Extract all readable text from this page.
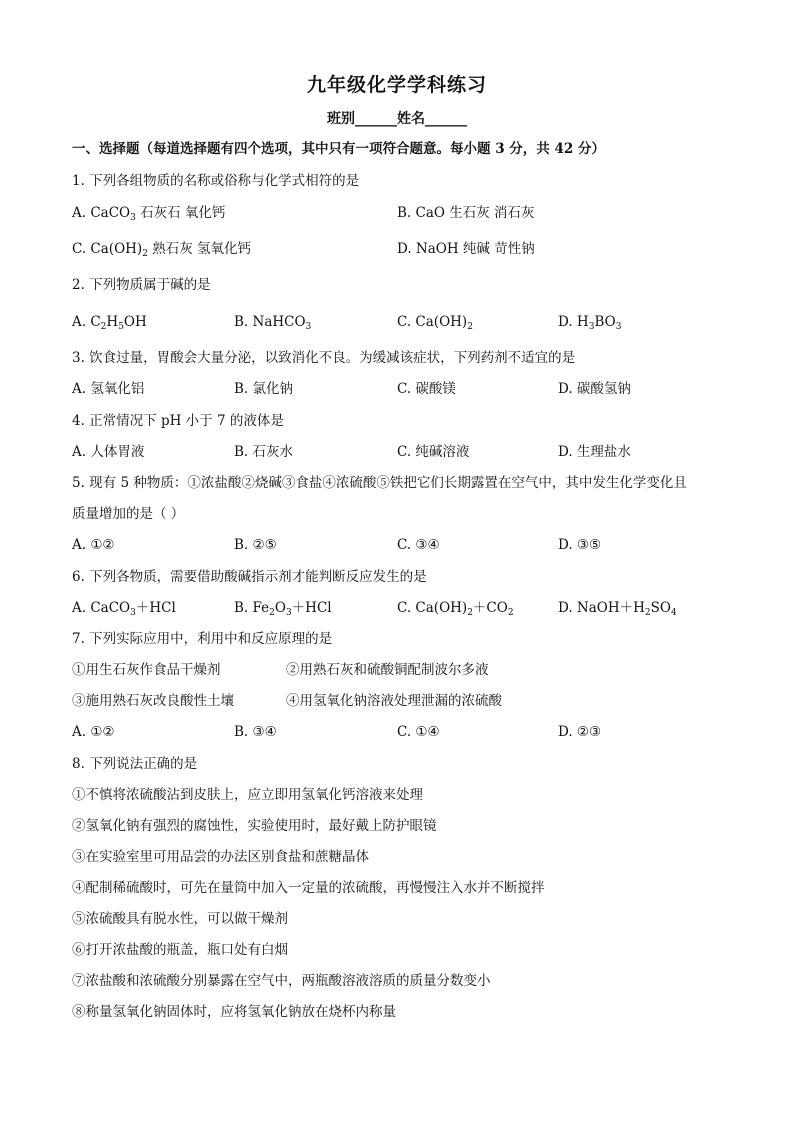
九年级化学学科练习
班别______姓名______
一、选择题（每道选择题有四个选项，其中只有一项符合题意。每小题 3 分，共 42 分）
1. 下列各组物质的名称或俗称与化学式相符的是
A. CaCO$_3$ 石灰石 氧化钙	B. CaO 生石灰 消石灰
C. $Ca(OH)_2$ 熟石灰 氢氧化钙	D. NaOH 纯碱 苛性钠
2. 下列物质属于碱的是
A. $C_2H_5OH$	B. NaHCO$_3$	C. $Ca(OH)_2$	D. $H_3BO_3$
3. 饮食过量，胃酸会大量分泌，以致消化不良。为缓减该症状，下列药剂不适宜的是
A. 氢氧化铝	B. 氯化钠	C. 碳酸镁	D. 碳酸氢钠
4. 正常情况下 pH 小于 7 的液体是
A. 人体胃液	B. 石灰水	C. 纯碱溶液	D. 生理盐水
5. 现有 5 种物质：①浓盐酸②烧碱③食盐④浓硫酸⑤铁把它们长期露置在空气中，其中发生化学变化且
质量增加的是（ ）
A. ①②	B. ②⑤	C. ③④	D. ③⑤
6. 下列各物质，需要借助酸碱指示剂才能判断反应发生的是
A. CaCO$_3$＋HCl	B. $Fe_2O_3+HCl$	C. $Ca(OH)_2+CO_2$	D. $NaOH+H_2SO_4$
7. 下列实际应用中，利用中和反应原理的是
①用生石灰作食品干燥剂	②用熟石灰和硫酸铜配制波尔多液
③施用熟石灰改良酸性土壤	④用氢氧化钠溶液处理泄漏的浓硫酸
A. ①②	B. ③④	C. ①④	D. ②③
8. 下列说法正确的是
①不慎将浓硫酸沾到皮肤上，应立即用氢氧化钙溶液来处理
②氢氧化钠有强烈的腐蚀性，实验使用时，最好戴上防护眼镜
③在实验室里可用品尝的办法区别食盐和蔗糖晶体
④配制稀硫酸时，可先在量筒中加入一定量的浓硫酸，再慢慢注入水并不断搅拌
⑤浓硫酸具有脱水性，可以做干燥剂
⑥打开浓盐酸的瓶盖，瓶口处有白烟
⑦浓盐酸和浓硫酸分别暴露在空气中，两瓶酸溶液溶质的质量分数变小
⑧称量氢氧化钠固体时，应将氢氧化钠放在烧杯内称量
